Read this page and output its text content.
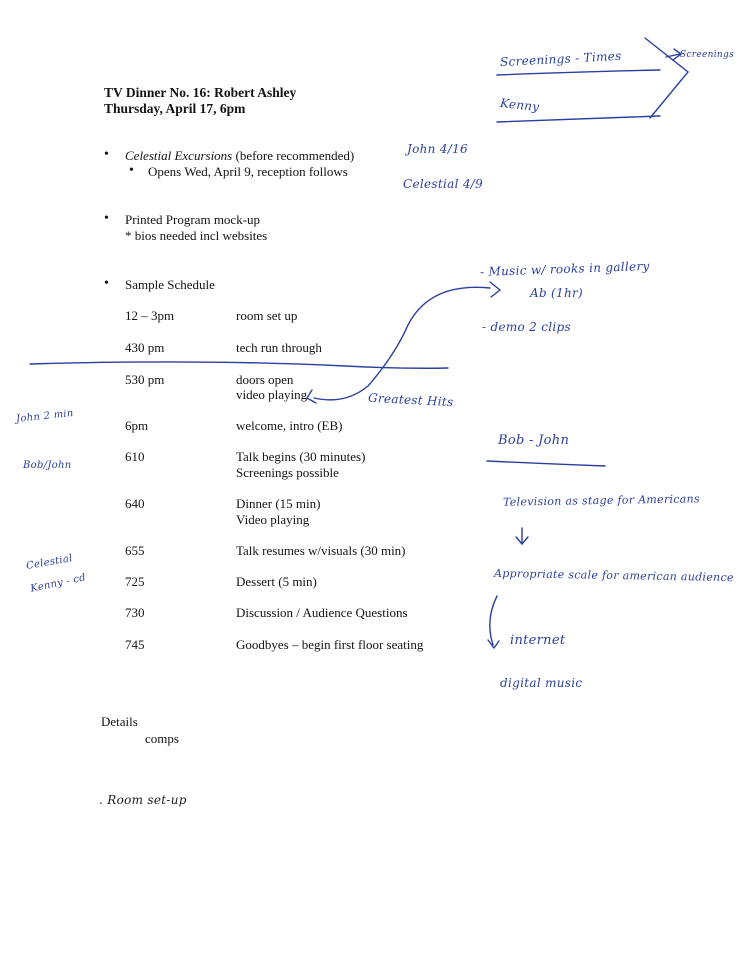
TV Dinner No. 16: Robert Ashley
Thursday, April 17, 6pm
• Celestial Excursions (before recommended)
• Opens Wed, April 9, reception follows
• Printed Program mock-up
* bios needed incl websites
• Sample Schedule
12 – 3pm	room set up
430 pm	tech run through
530 pm	doors open
video playing
6pm	welcome, intro (EB)
610	Talk begins (30 minutes)
Screenings possible
640	Dinner (15 min)
Video playing
655	Talk resumes w/visuals (30 min)
725	Dessert (5 min)
730	Discussion / Audience Questions
745	Goodbyes – begin first floor seating
Details
comps
Screenings - Times
Kenny
Screenings
John 4/16
Celestial 4/9
- Music w/ rooks in gallery
Ab (1hr)
- demo 2 clips
Greatest Hits
Bob - John
Television as stage for Americans
Appropriate scale for american audience
internet
digital music
John 2 min
Bob/John
Celestial
Kenny - cd
. Room set-up
